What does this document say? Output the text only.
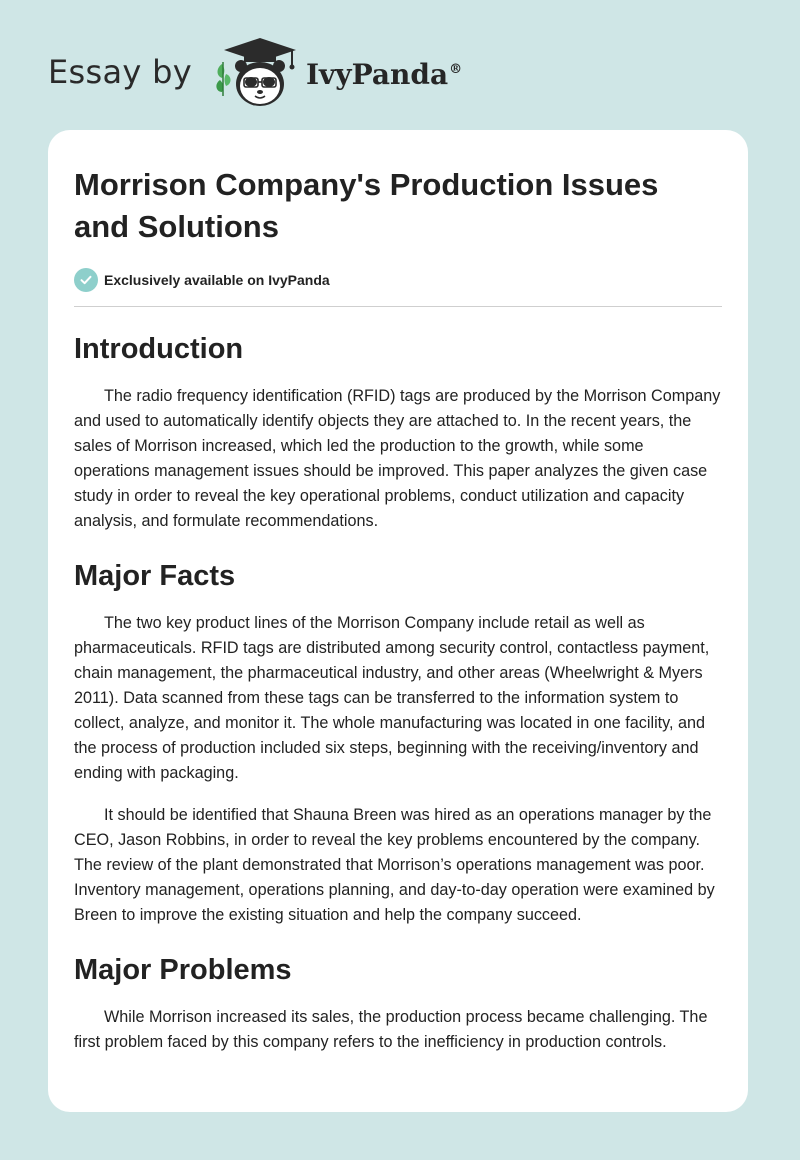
Essay by	IvyPanda®
Morrison Company's Production Issues and Solutions
Exclusively available on IvyPanda
Introduction

The radio frequency identification (RFID) tags are produced by the Morrison Company and used to automatically identify objects they are attached to. In the recent years, the sales of Morrison increased, which led the production to the growth, while some operations management issues should be improved. This paper analyzes the given case study in order to reveal the key operational problems, conduct utilization and capacity analysis, and formulate recommendations.

Major Facts

The two key product lines of the Morrison Company include retail as well as pharmaceuticals. RFID tags are distributed among security control, contactless payment, chain management, the pharmaceutical industry, and other areas (Wheelwright & Myers 2011). Data scanned from these tags can be transferred to the information system to collect, analyze, and monitor it. The whole manufacturing was located in one facility, and the process of production included six steps, beginning with the receiving/inventory and ending with packaging.

It should be identified that Shauna Breen was hired as an operations manager by the CEO, Jason Robbins, in order to reveal the key problems encountered by the company. The review of the plant demonstrated that Morrison’s operations management was poor. Inventory management, operations planning, and day-to-day operation were examined by Breen to improve the existing situation and help the company succeed.

Major Problems

While Morrison increased its sales, the production process became challenging. The first problem faced by this company refers to the inefficiency in production controls.
